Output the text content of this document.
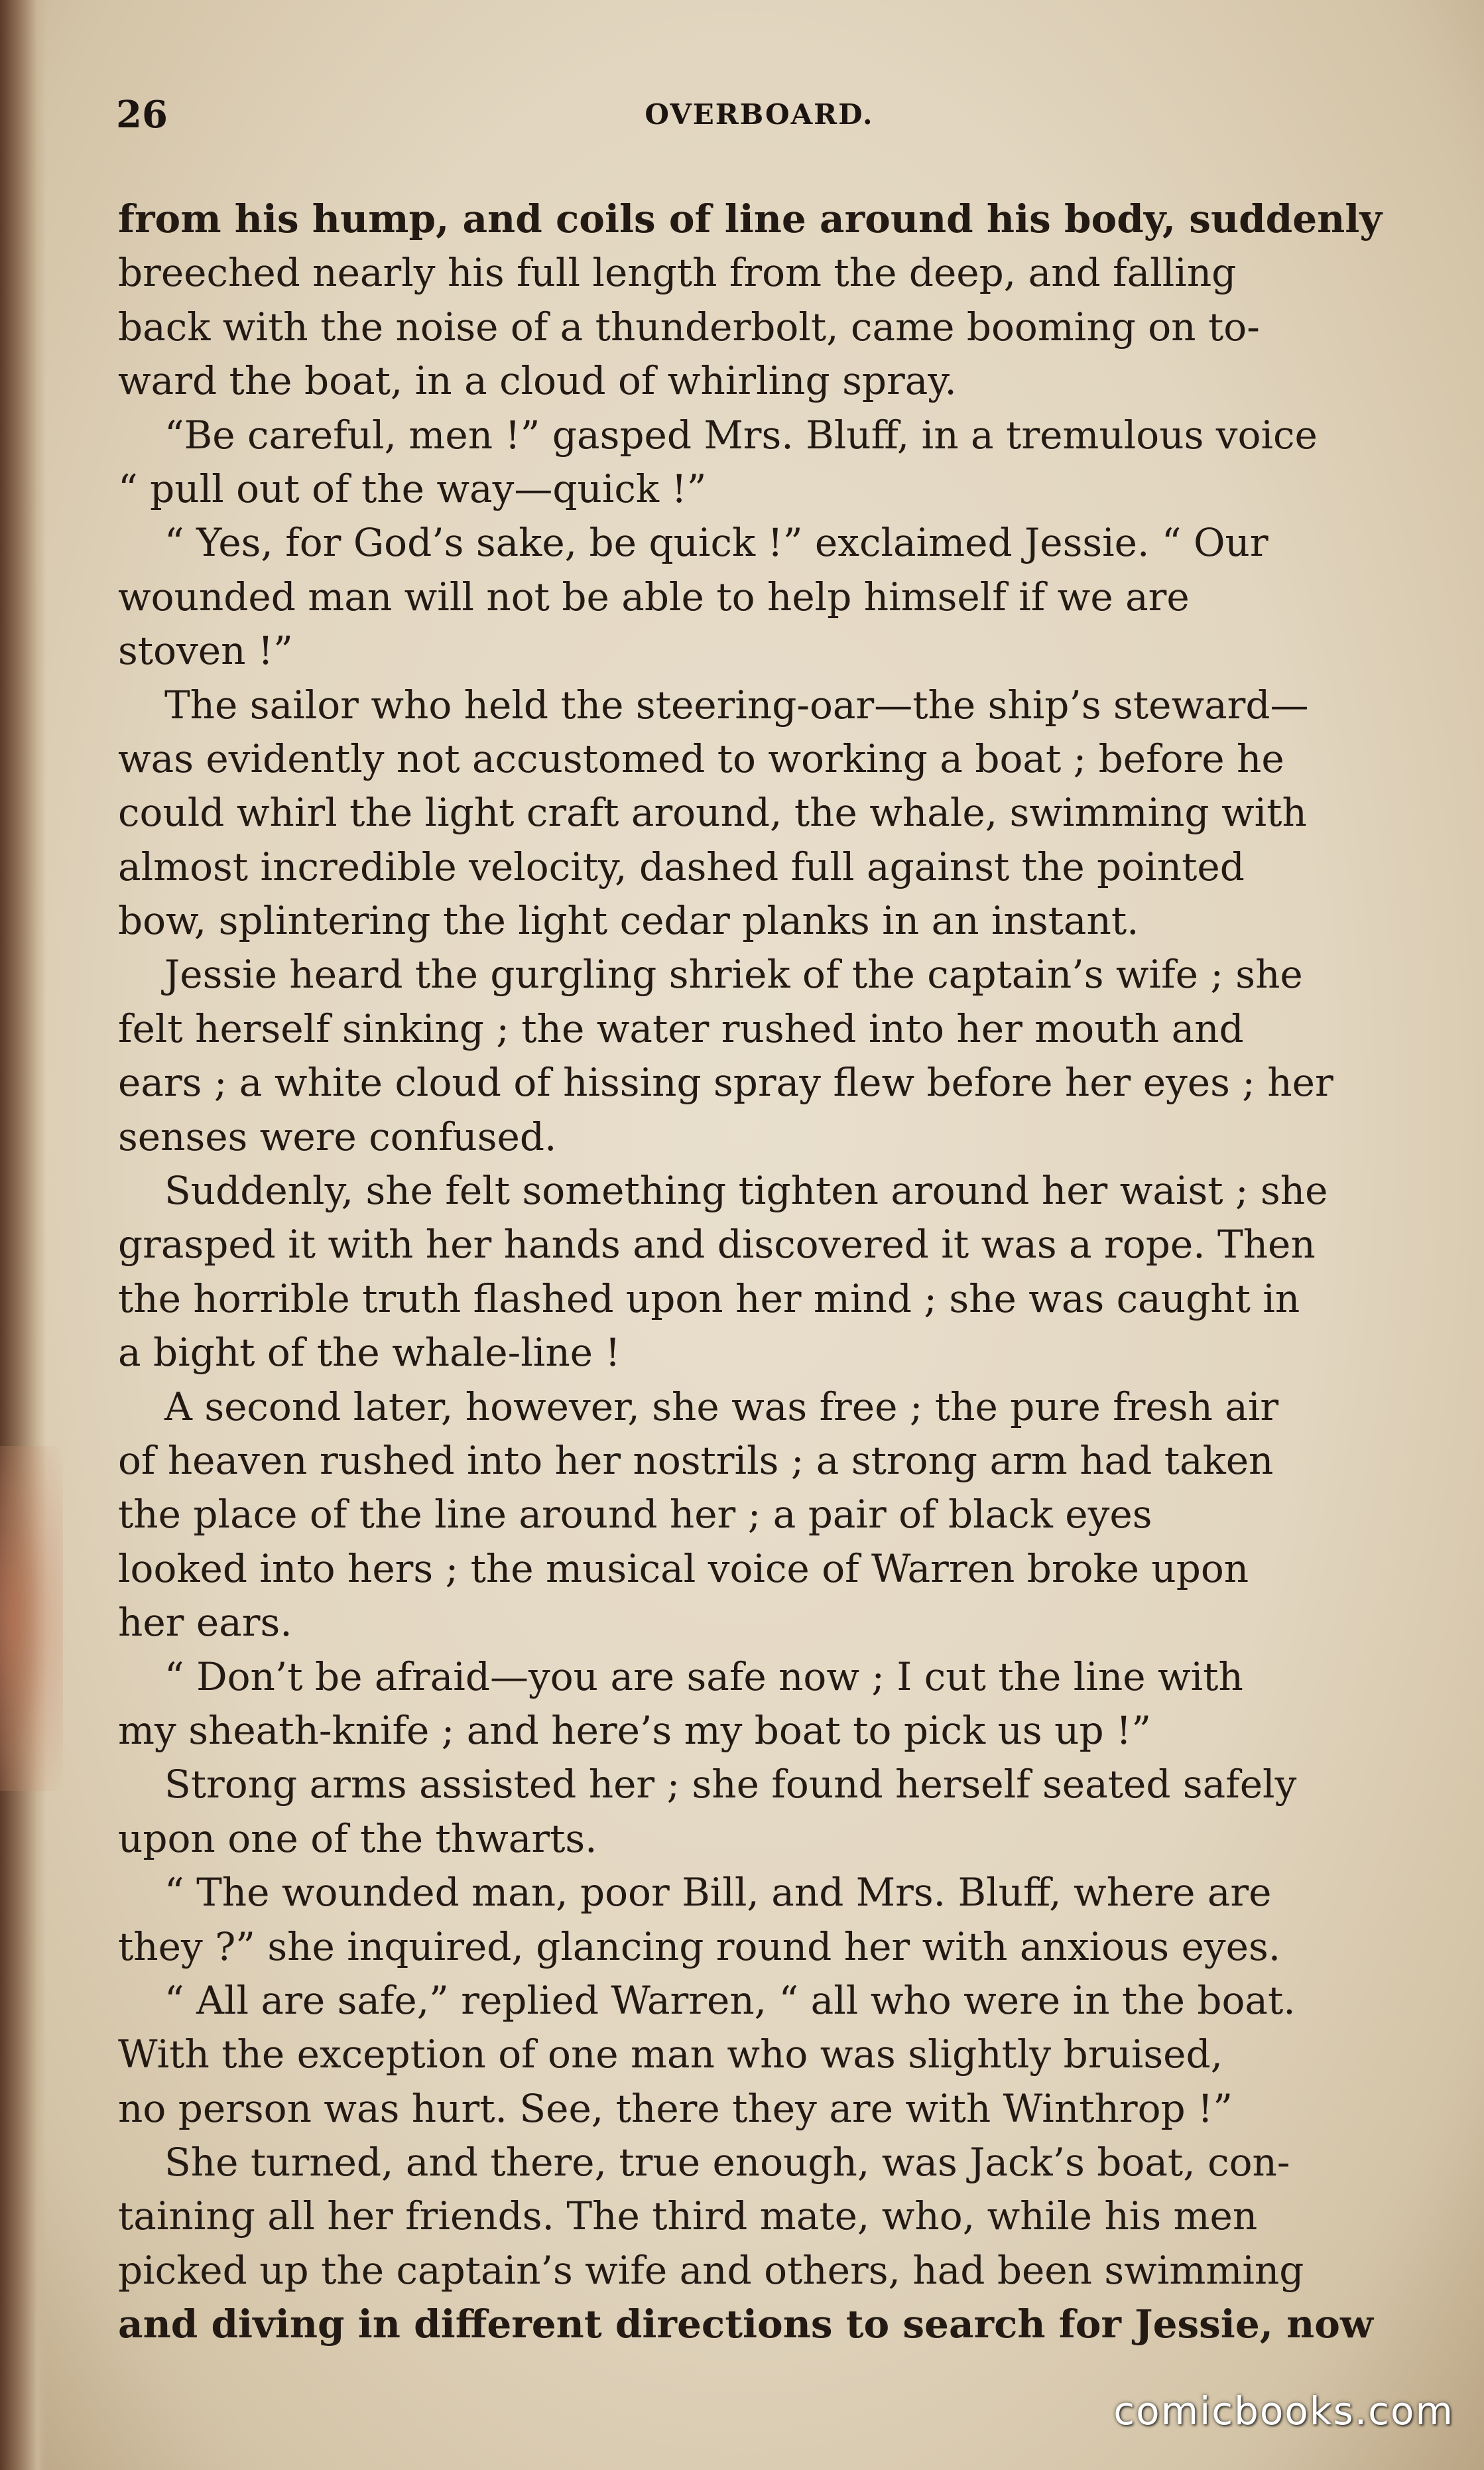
26	OVERBOARD.
from his hump, and coils of line around his body, suddenly
breeched nearly his full length from the deep, and falling
back with the noise of a thunderbolt, came booming on to-
ward the boat, in a cloud of whirling spray.
“Be careful, men !” gasped Mrs. Bluff, in a tremulous voice
“ pull out of the way—quick !”
“ Yes, for God’s sake, be quick !” exclaimed Jessie. “ Our
wounded man will not be able to help himself if we are
stoven !”
The sailor who held the steering-oar—the ship’s steward—
was evidently not accustomed to working a boat ; before he
could whirl the light craft around, the whale, swimming with
almost incredible velocity, dashed full against the pointed
bow, splintering the light cedar planks in an instant.
Jessie heard the gurgling shriek of the captain’s wife ; she
felt herself sinking ; the water rushed into her mouth and
ears ; a white cloud of hissing spray flew before her eyes ; her
senses were confused.
Suddenly, she felt something tighten around her waist ; she
grasped it with her hands and discovered it was a rope. Then
the horrible truth flashed upon her mind ; she was caught in
a bight of the whale-line !
A second later, however, she was free ; the pure fresh air
of heaven rushed into her nostrils ; a strong arm had taken
the place of the line around her ; a pair of black eyes
looked into hers ; the musical voice of Warren broke upon
her ears.
“ Don’t be afraid—you are safe now ; I cut the line with
my sheath-knife ; and here’s my boat to pick us up !”
Strong arms assisted her ; she found herself seated safely
upon one of the thwarts.
“ The wounded man, poor Bill, and Mrs. Bluff, where are
they ?” she inquired, glancing round her with anxious eyes.
“ All are safe,” replied Warren, “ all who were in the boat.
With the exception of one man who was slightly bruised,
no person was hurt. See, there they are with Winthrop !”
She turned, and there, true enough, was Jack’s boat, con-
taining all her friends. The third mate, who, while his men
picked up the captain’s wife and others, had been swimming
and diving in different directions to search for Jessie, now
comicbooks.com
